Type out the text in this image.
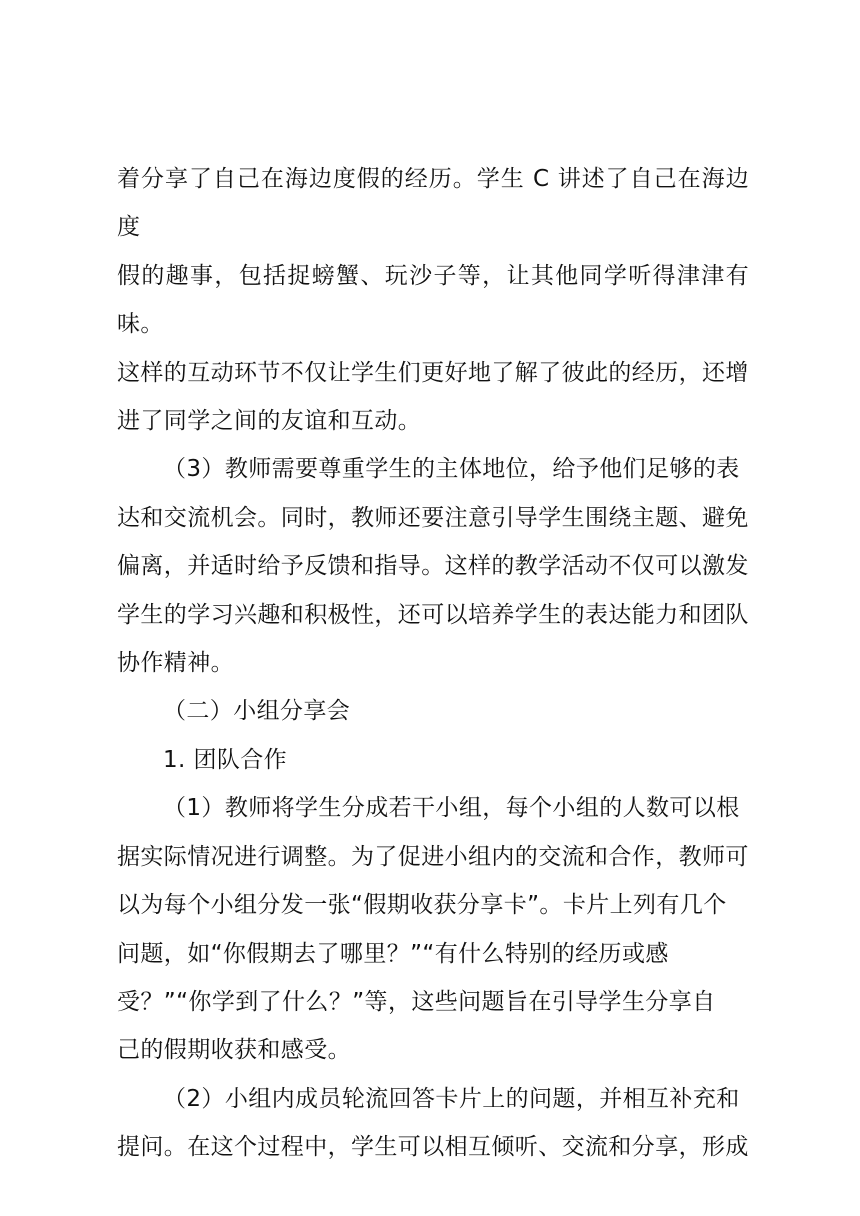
着分享了自己在海边度假的经历。学生 C 讲述了自己在海边度
假的趣事，包括捉螃蟹、玩沙子等，让其他同学听得津津有味。
这样的互动环节不仅让学生们更好地了解了彼此的经历，还增
进了同学之间的友谊和互动。
（3）教师需要尊重学生的主体地位，给予他们足够的表
达和交流机会。同时，教师还要注意引导学生围绕主题、避免
偏离，并适时给予反馈和指导。这样的教学活动不仅可以激发
学生的学习兴趣和积极性，还可以培养学生的表达能力和团队
协作精神。
（二）小组分享会
1. 团队合作
（1）教师将学生分成若干小组，每个小组的人数可以根
据实际情况进行调整。为了促进小组内的交流和合作，教师可
以为每个小组分发一张“假期收获分享卡”。卡片上列有几个
问题，如“你假期去了哪里？”“有什么特别的经历或感
受？”“你学到了什么？”等，这些问题旨在引导学生分享自
己的假期收获和感受。
（2）小组内成员轮流回答卡片上的问题，并相互补充和
提问。在这个过程中，学生可以相互倾听、交流和分享，形成
